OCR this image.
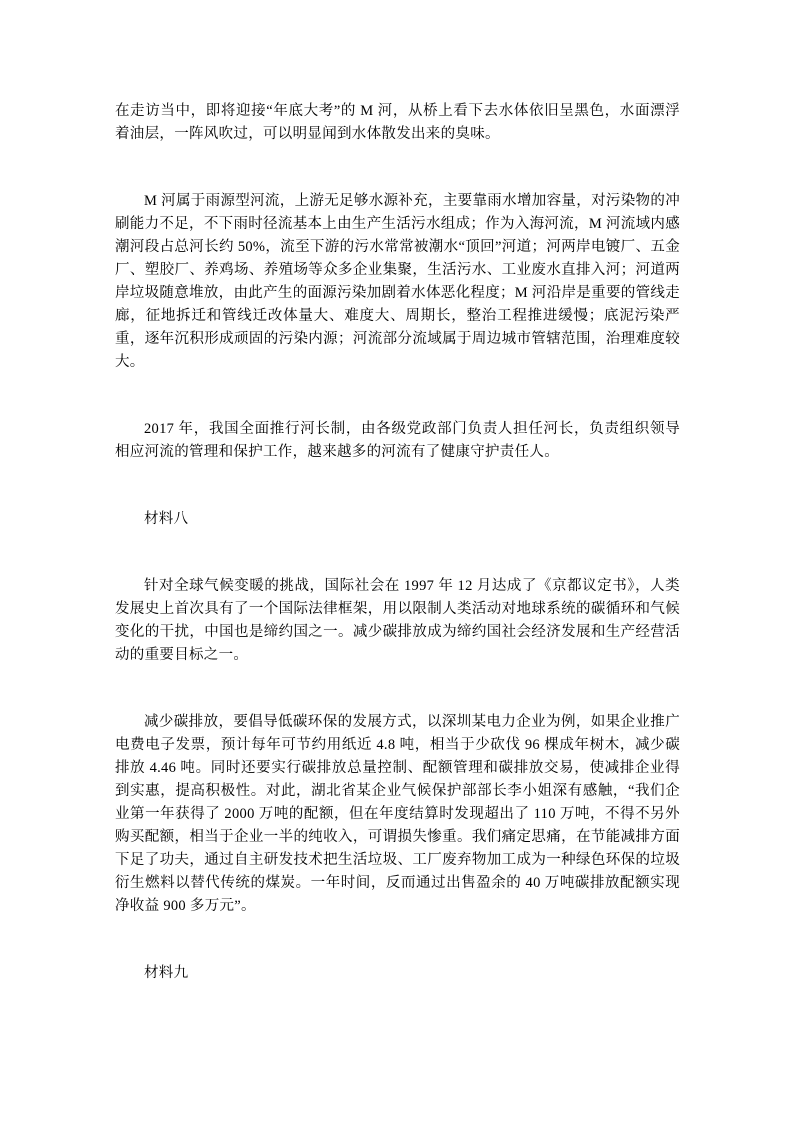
在走访当中，即将迎接“年底大考”的 M 河，从桥上看下去水体依旧呈黑色，水面漂浮着油层，一阵风吹过，可以明显闻到水体散发出来的臭味。

M 河属于雨源型河流，上游无足够水源补充，主要靠雨水增加容量，对污染物的冲刷能力不足，不下雨时径流基本上由生产生活污水组成；作为入海河流，M 河流域内感潮河段占总河长约 50%，流至下游的污水常常被潮水“顶回”河道；河两岸电镀厂、五金厂、塑胶厂、养鸡场、养殖场等众多企业集聚，生活污水、工业废水直排入河；河道两岸垃圾随意堆放，由此产生的面源污染加剧着水体恶化程度；M 河沿岸是重要的管线走廊，征地拆迁和管线迁改体量大、难度大、周期长，整治工程推进缓慢；底泥污染严重，逐年沉积形成顽固的污染内源；河流部分流域属于周边城市管辖范围，治理难度较大。

2017 年，我国全面推行河长制，由各级党政部门负责人担任河长，负责组织领导相应河流的管理和保护工作，越来越多的河流有了健康守护责任人。

材料八

针对全球气候变暖的挑战，国际社会在 1997 年 12 月达成了《京都议定书》，人类发展史上首次具有了一个国际法律框架，用以限制人类活动对地球系统的碳循环和气候变化的干扰，中国也是缔约国之一。减少碳排放成为缔约国社会经济发展和生产经营活动的重要目标之一。

减少碳排放，要倡导低碳环保的发展方式，以深圳某电力企业为例，如果企业推广电费电子发票，预计每年可节约用纸近 4.8 吨，相当于少砍伐 96 棵成年树木，减少碳排放 4.46 吨。同时还要实行碳排放总量控制、配额管理和碳排放交易，使减排企业得到实惠，提高积极性。对此，湖北省某企业气候保护部部长李小姐深有感触，“我们企业第一年获得了 2000 万吨的配额，但在年度结算时发现超出了 110 万吨，不得不另外购买配额，相当于企业一半的纯收入，可谓损失惨重。我们痛定思痛，在节能减排方面下足了功夫，通过自主研发技术把生活垃圾、工厂废弃物加工成为一种绿色环保的垃圾衍生燃料以替代传统的煤炭。一年时间，反而通过出售盈余的 40 万吨碳排放配额实现净收益 900 多万元”。

材料九
